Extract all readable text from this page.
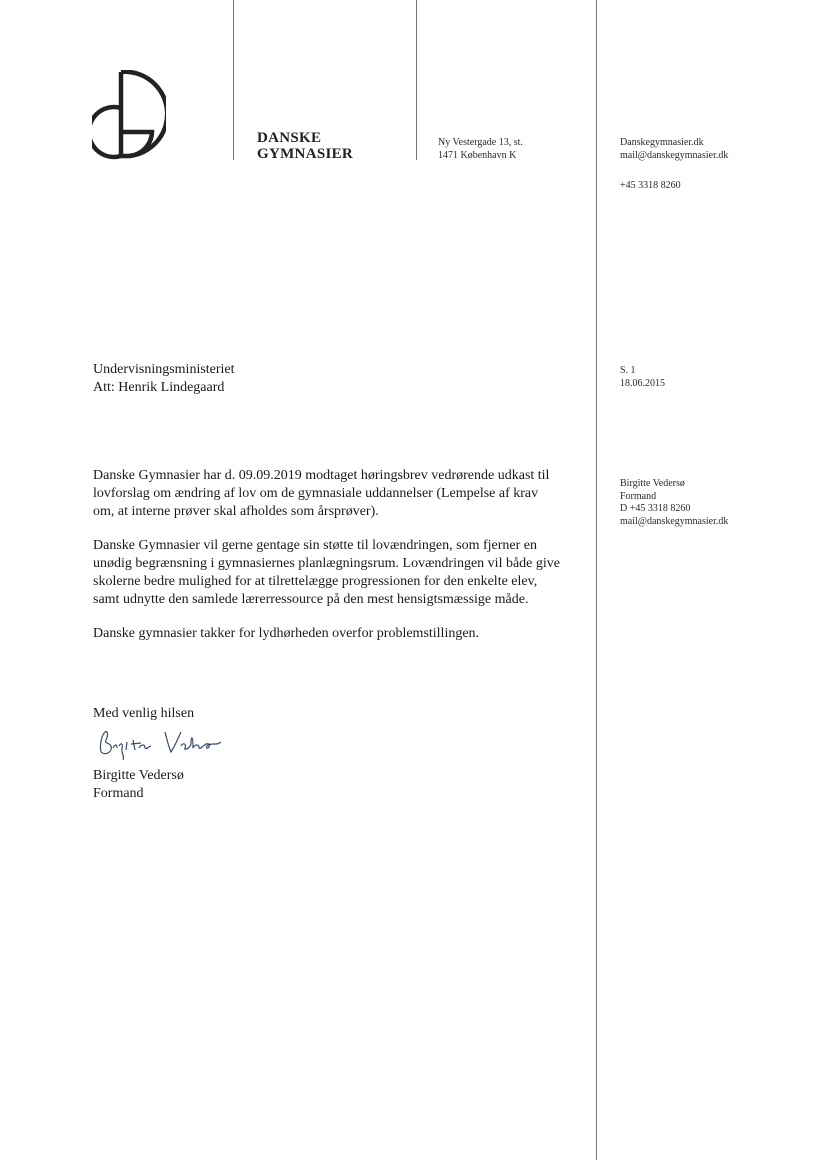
DANSKE
GYMNASIER
Ny Vestergade 13, st.
1471 København K
Danskegymnasier.dk
mail@danskegymnasier.dk
+45 3318 8260
Undervisningsministeriet
Att: Henrik Lindegaard
S. 1
18.06.2015
Birgitte Vedersø
Formand
D +45 3318 8260
mail@danskegymnasier.dk

Danske Gymnasier har d. 09.09.2019 modtaget høringsbrev vedrørende udkast til lovforslag om ændring af lov om de gymnasiale uddannelser (Lempelse af krav om, at interne prøver skal afholdes som årsprøver).

Danske Gymnasier vil gerne gentage sin støtte til lovændringen, som fjerner en unødig begrænsning i gymnasiernes planlægningsrum. Lovændringen vil både give skolerne bedre mulighed for at tilrettelægge progressionen for den enkelte elev, samt udnytte den samlede lærerressource på den mest hensigtsmæssige måde.

Danske gymnasier takker for lydhørheden overfor problemstillingen.

Med venlig hilsen
Birgitte Vedersø
Formand
